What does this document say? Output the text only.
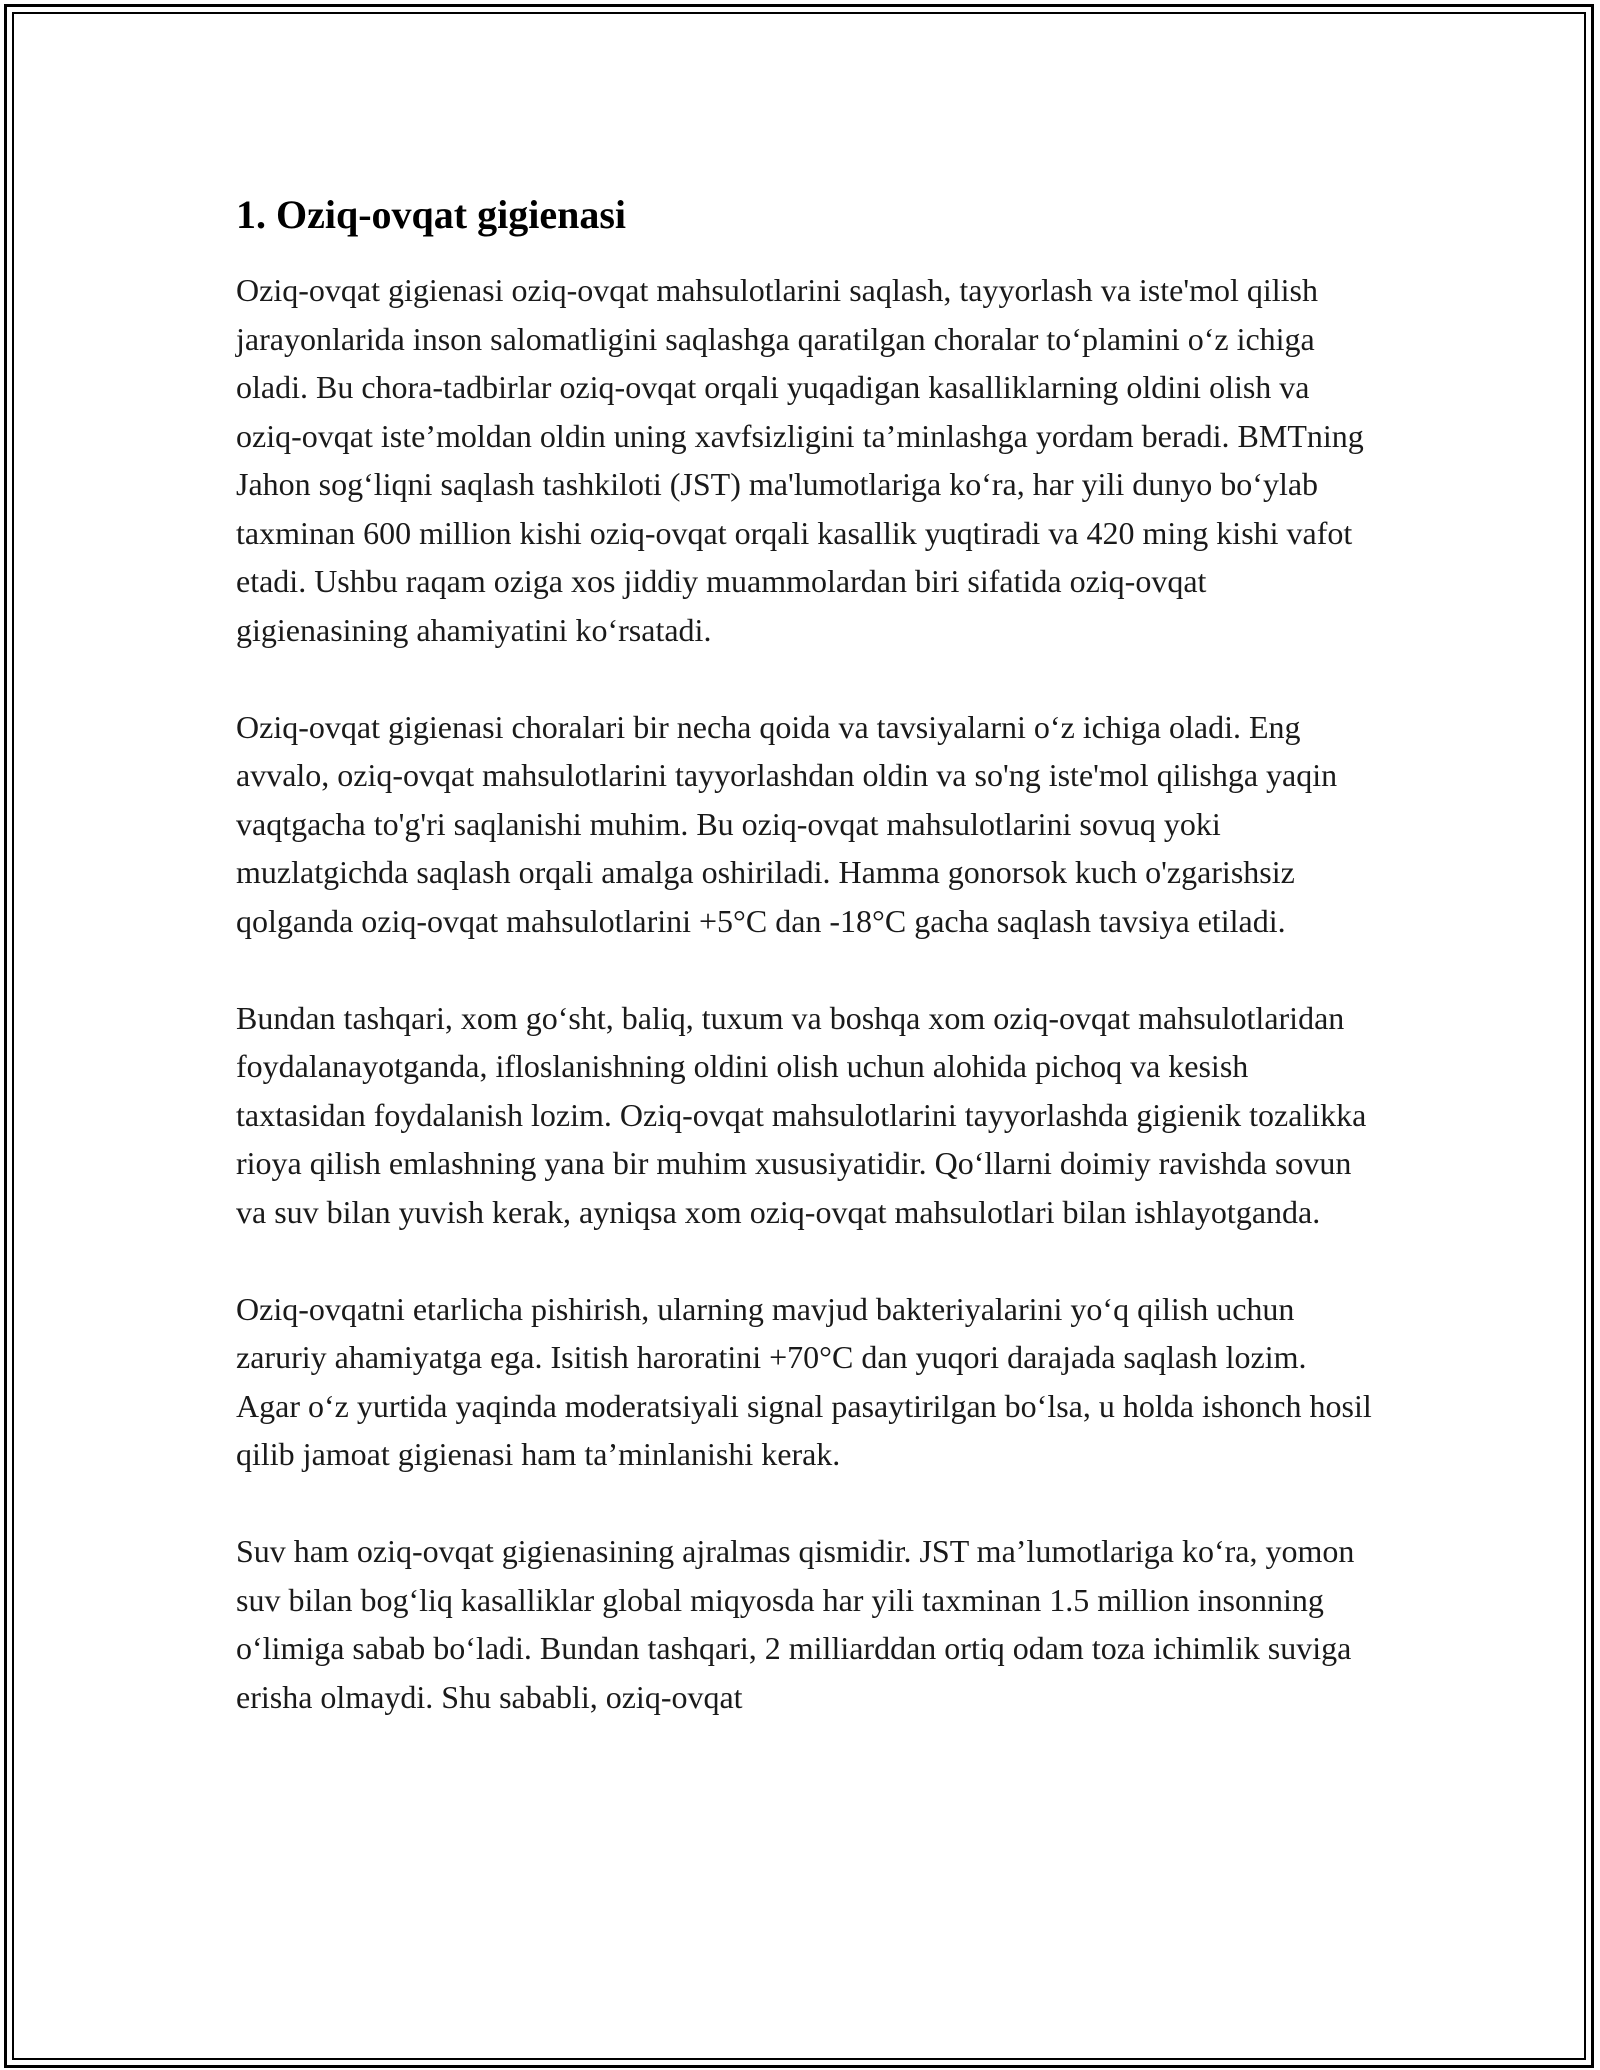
1. Oziq-ovqat gigienasi

Oziq-ovqat gigienasi oziq-ovqat mahsulotlarini saqlash, tayyorlash va iste'mol qilish jarayonlarida inson salomatligini saqlashga qaratilgan choralar to‘plamini o‘z ichiga oladi. Bu chora-tadbirlar oziq-ovqat orqali yuqadigan kasalliklarning oldini olish va oziq-ovqat iste’moldan oldin uning xavfsizligini ta’minlashga yordam beradi. BMTning Jahon sog‘liqni saqlash tashkiloti (JST) ma'lumotlariga ko‘ra, har yili dunyo bo‘ylab taxminan 600 million kishi oziq-ovqat orqali kasallik yuqtiradi va 420 ming kishi vafot etadi. Ushbu raqam oziga xos jiddiy muammolardan biri sifatida oziq-ovqat gigienasining ahamiyatini ko‘rsatadi.

Oziq-ovqat gigienasi choralari bir necha qoida va tavsiyalarni o‘z ichiga oladi. Eng avvalo, oziq-ovqat mahsulotlarini tayyorlashdan oldin va so'ng iste'mol qilishga yaqin vaqtgacha to'g'ri saqlanishi muhim. Bu oziq-ovqat mahsulotlarini sovuq yoki muzlatgichda saqlash orqali amalga oshiriladi. Hamma gonorsok kuch o'zgarishsiz qolganda oziq-ovqat mahsulotlarini +5°C dan -18°C gacha saqlash tavsiya etiladi.

Bundan tashqari, xom go‘sht, baliq, tuxum va boshqa xom oziq-ovqat mahsulotlaridan foydalanayotganda, ifloslanishning oldini olish uchun alohida pichoq va kesish taxtasidan foydalanish lozim. Oziq-ovqat mahsulotlarini tayyorlashda gigienik tozalikka rioya qilish emlashning yana bir muhim xususiyatidir. Qo‘llarni doimiy ravishda sovun va suv bilan yuvish kerak, ayniqsa xom oziq-ovqat mahsulotlari bilan ishlayotganda.

Oziq-ovqatni etarlicha pishirish, ularning mavjud bakteriyalarini yo‘q qilish uchun zaruriy ahamiyatga ega. Isitish haroratini +70°C dan yuqori darajada saqlash lozim. Agar o‘z yurtida yaqinda moderatsiyali signal pasaytirilgan bo‘lsa, u holda ishonch hosil qilib jamoat gigienasi ham ta’minlanishi kerak.

Suv ham oziq-ovqat gigienasining ajralmas qismidir. JST ma’lumotlariga ko‘ra, yomon suv bilan bog‘liq kasalliklar global miqyosda har yili taxminan 1.5 million insonning o‘limiga sabab bo‘ladi. Bundan tashqari, 2 milliarddan ortiq odam toza ichimlik suviga erisha olmaydi. Shu sababli, oziq-ovqat
